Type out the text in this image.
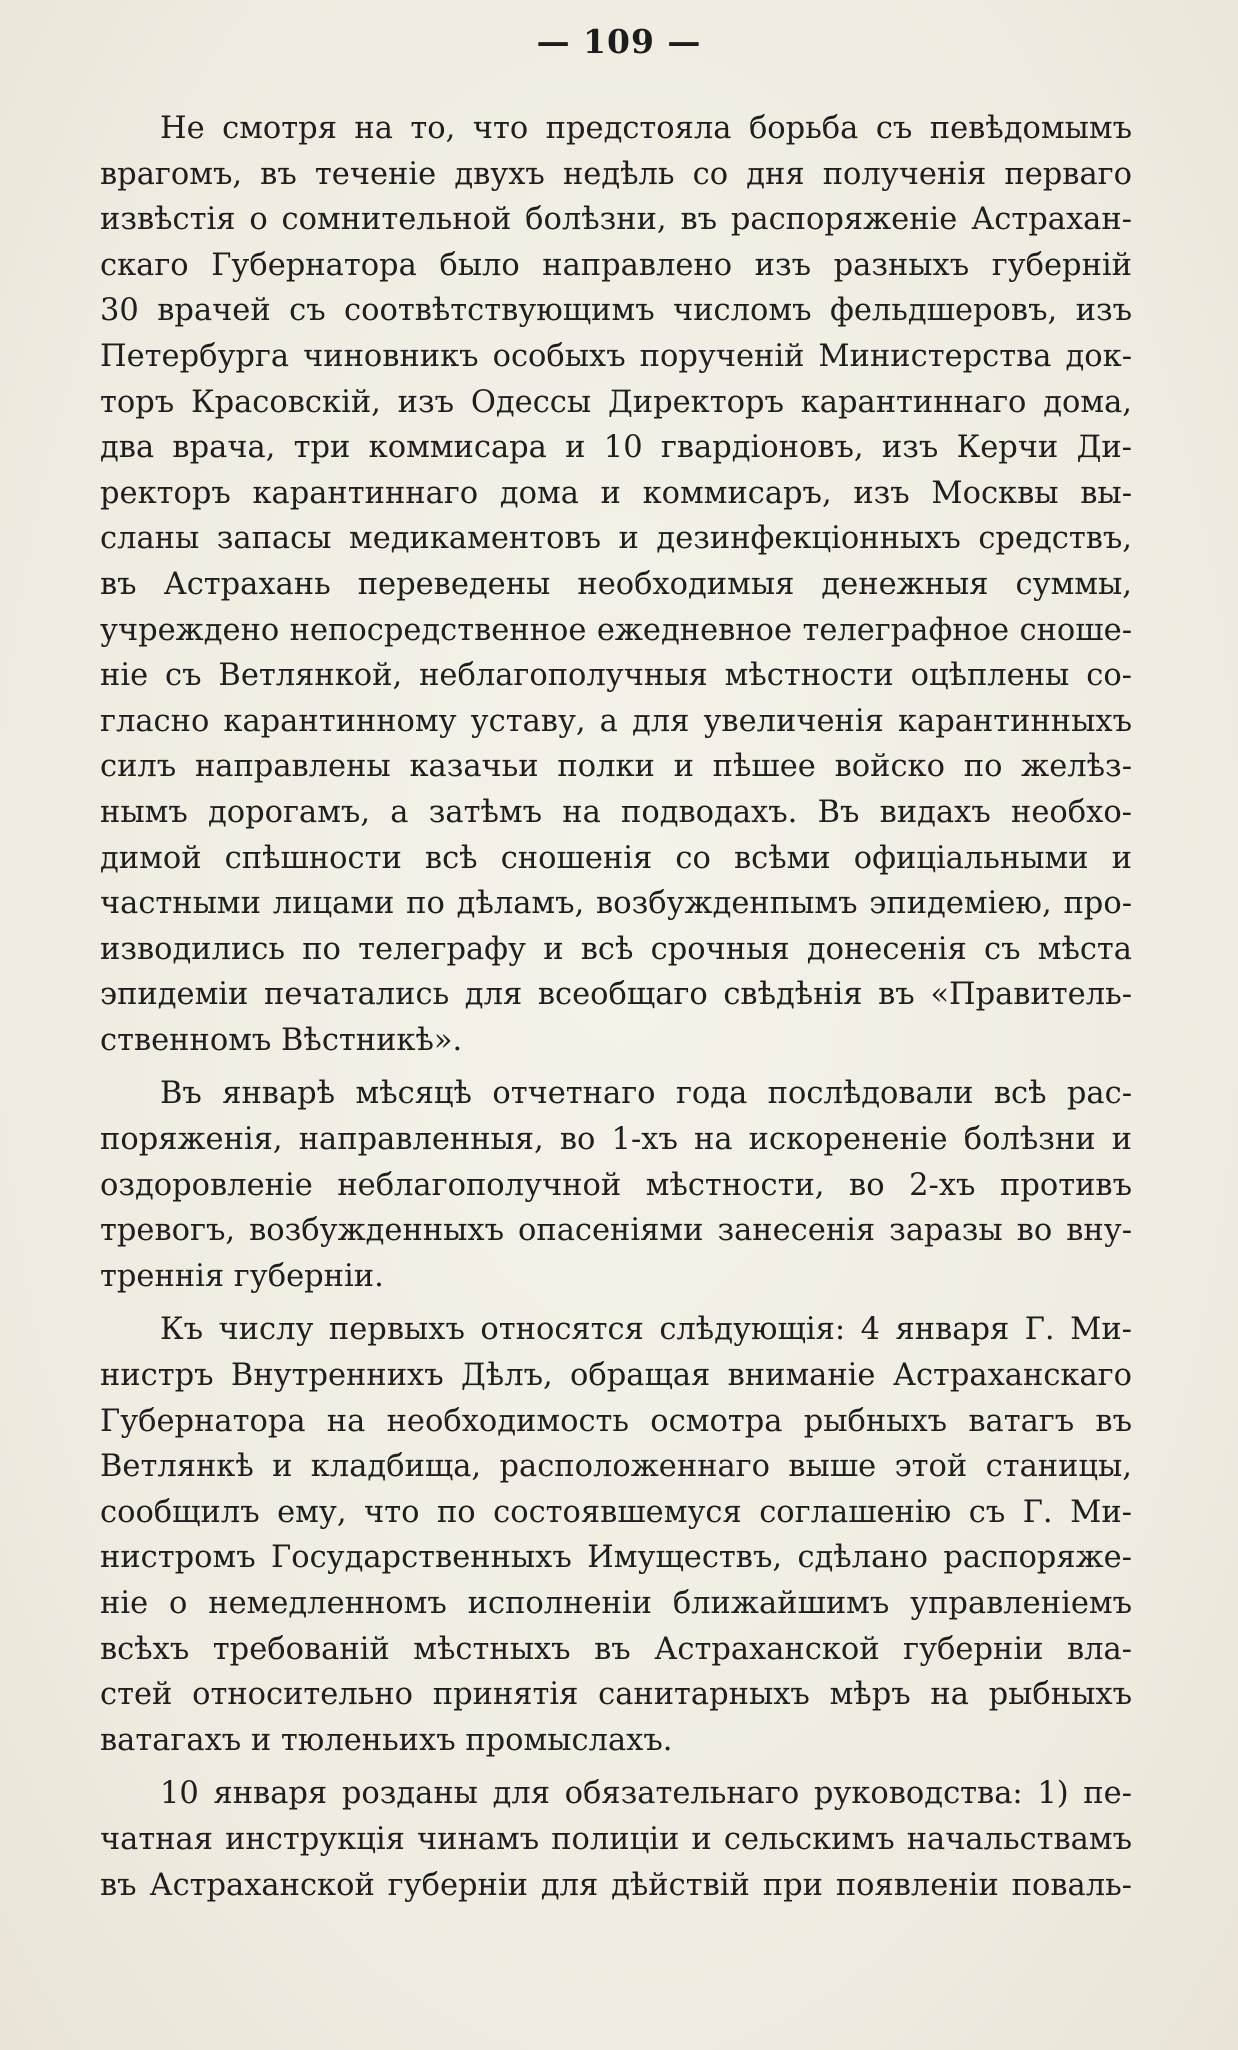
— 109 —
Не смотря на то, что предстояла борьба съ певѣдомымъ
врагомъ, въ теченіе двухъ недѣль со дня полученія перваго
извѣстія о сомнительной болѣзни, въ распоряженіе Астрахан-
скаго Губернатора было направлено изъ разныхъ губерній
30 врачей съ соотвѣтствующимъ числомъ фельдшеровъ, изъ
Петербурга чиновникъ особыхъ порученій Министерства док-
торъ Красовскій, изъ Одессы Директоръ карантиннаго дома,
два врача, три коммисара и 10 гвардіоновъ, изъ Керчи Ди-
ректоръ карантиннаго дома и коммисаръ, изъ Москвы вы-
сланы запасы медикаментовъ и дезинфекціонныхъ средствъ,
въ Астрахань переведены необходимыя денежныя суммы,
учреждено непосредственное ежедневное телеграфное сноше-
ніе съ Ветлянкой, неблагополучныя мѣстности оцѣплены со-
гласно карантинному уставу, а для увеличенія карантинныхъ
силъ направлены казачьи полки и пѣшее войско по желѣз-
нымъ дорогамъ, а затѣмъ на подводахъ. Въ видахъ необхо-
димой спѣшности всѣ сношенія со всѣми офиціальными и
частными лицами по дѣламъ, возбужденпымъ эпидеміею, про-
изводились по телеграфу и всѣ срочныя донесенія съ мѣста
эпидеміи печатались для всеобщаго свѣдѣнія въ «Правитель-
ственномъ Вѣстникѣ».
Въ январѣ мѣсяцѣ отчетнаго года послѣдовали всѣ рас-
поряженія, направленныя, во 1-хъ на искорененіе болѣзни и
оздоровленіе неблагополучной мѣстности, во 2-хъ противъ
тревогъ, возбужденныхъ опасеніями занесенія заразы во вну-
треннія губерніи.
Къ числу первыхъ относятся слѣдующія: 4 января Г. Ми-
нистръ Внутреннихъ Дѣлъ, обращая вниманіе Астраханскаго
Губернатора на необходимость осмотра рыбныхъ ватагъ въ
Ветлянкѣ и кладбища, расположеннаго выше этой станицы,
сообщилъ ему, что по состоявшемуся соглашенію съ Г. Ми-
нистромъ Государственныхъ Имуществъ, сдѣлано распоряже-
ніе о немедленномъ исполненіи ближайшимъ управленіемъ
всѣхъ требованій мѣстныхъ въ Астраханской губерніи вла-
стей относительно принятія санитарныхъ мѣръ на рыбныхъ
ватагахъ и тюленьихъ промыслахъ.
10 января розданы для обязательнаго руководства: 1) пе-
чатная инструкція чинамъ полиціи и сельскимъ начальствамъ
въ Астраханской губерніи для дѣйствій при появленіи поваль-
